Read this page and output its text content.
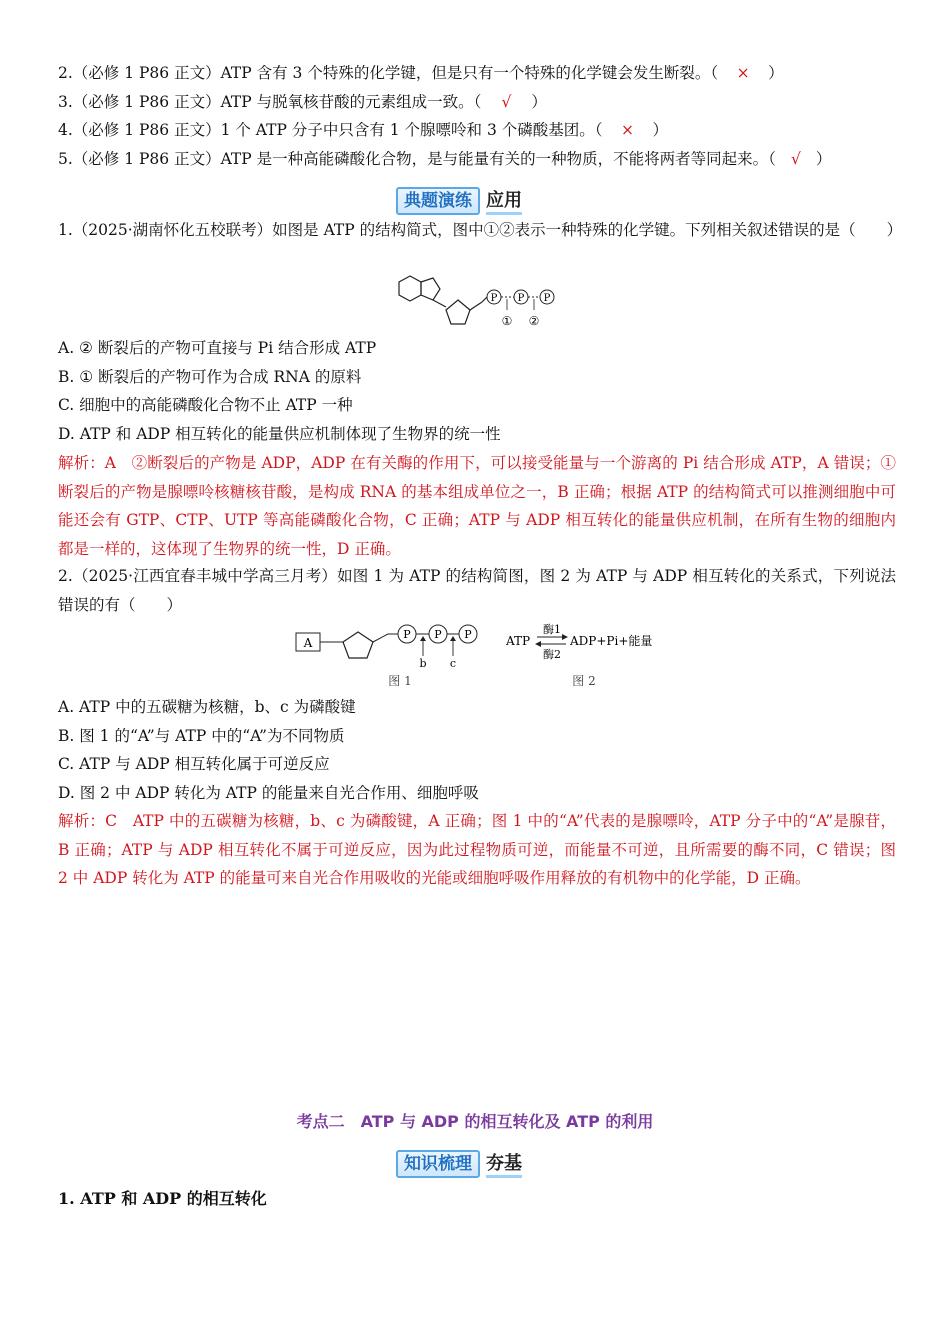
2.（必修 1 P86 正文）ATP 含有 3 个特殊的化学键，但是只有一个特殊的化学键会发生断裂。（ × ）
3.（必修 1 P86 正文）ATP 与脱氧核苷酸的元素组成一致。（ √ ）
4.（必修 1 P86 正文）1 个 ATP 分子中只含有 1 个腺嘌呤和 3 个磷酸基团。（ × ）
5.（必修 1 P86 正文）ATP 是一种高能磷酸化合物，是与能量有关的一种物质，不能将两者等同起来。（ √ ）
典题演练 应用
1.（2025·湖南怀化五校联考）如图是 ATP 的结构简式，图中①②表示一种特殊的化学键。下列相关叙述错误的是（　　）
P P P
① ②
A. ② 断裂后的产物可直接与 Pi 结合形成 ATP
B. ① 断裂后的产物可作为合成 RNA 的原料
C. 细胞中的高能磷酸化合物不止 ATP 一种
D. ATP 和 ADP 相互转化的能量供应机制体现了生物界的统一性
解析：A　②断裂后的产物是 ADP，ADP 在有关酶的作用下，可以接受能量与一个游离的 Pi 结合形成 ATP，A 错误；①断裂后的产物是腺嘌呤核糖核苷酸，是构成 RNA 的基本组成单位之一，B 正确；根据 ATP 的结构简式可以推测细胞中可能还会有 GTP、CTP、UTP 等高能磷酸化合物，C 正确；ATP 与 ADP 相互转化的能量供应机制，在所有生物的细胞内都是一样的，这体现了生物界的统一性，D 正确。
2.（2025·江西宜春丰城中学高三月考）如图 1 为 ATP 的结构简图，图 2 为 ATP 与 ADP 相互转化的关系式，下列说法错误的有（　　）
A
P P P
b c
图 1
ATP
酶1
酶2
ADP+Pi+能量
图 2
A. ATP 中的五碳糖为核糖，b、c 为磷酸键
B. 图 1 的“A”与 ATP 中的“A”为不同物质
C. ATP 与 ADP 相互转化属于可逆反应
D. 图 2 中 ADP 转化为 ATP 的能量来自光合作用、细胞呼吸
解析：C　ATP 中的五碳糖为核糖，b、c 为磷酸键，A 正确；图 1 中的“A”代表的是腺嘌呤，ATP 分子中的“A”是腺苷，B 正确；ATP 与 ADP 相互转化不属于可逆反应，因为此过程物质可逆，而能量不可逆，且所需要的酶不同，C 错误；图 2 中 ADP 转化为 ATP 的能量可来自光合作用吸收的光能或细胞呼吸作用释放的有机物中的化学能，D 正确。
考点二　ATP 与 ADP 的相互转化及 ATP 的利用
知识梳理 夯基
1. ATP 和 ADP 的相互转化
